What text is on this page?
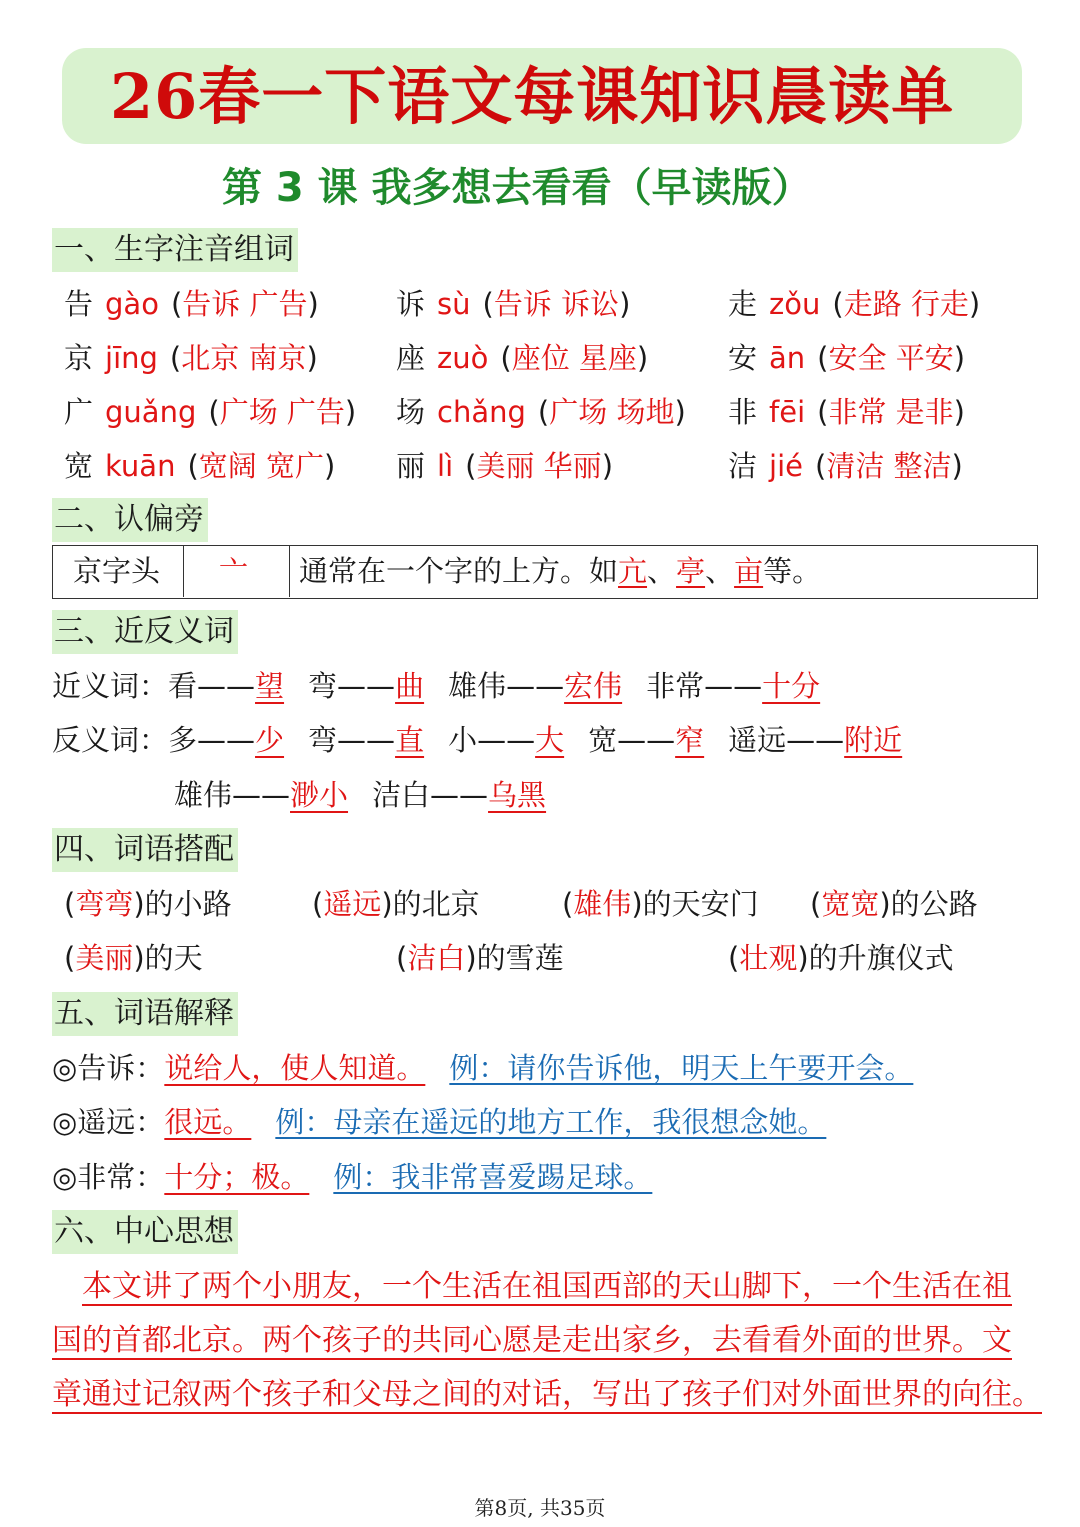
26春一下语文每课知识晨读单
第 3 课 我多想去看看（早读版）
一、生字注音组词
告 gào (告诉 广告)	诉 sù (告诉 诉讼)	走 zǒu (走路 行走)
京 jīng (北京 南京)	座 zuò (座位 星座)	安 ān (安全 平安)
广 guǎng (广场 广告) 场 chǎng (广场 场地) 非 fēi (非常 是非)
宽 kuān (宽阔 宽广) 丽 lì (美丽 华丽)	洁 jié (清洁 整洁)
二、认偏旁
京字头 亠 通常在一个字的上方。如亢、亭、亩等。
三、近反义词
近义词：看——望 弯——曲 雄伟——宏伟 非常——十分
反义词：多——少 弯——直 小——大 宽——窄 遥远——附近
雄伟——渺小 洁白——乌黑
四、词语搭配
(弯弯)的小路	(遥远)的北京	(雄伟)的天安门 (宽宽)的公路
(美丽)的天	(洁白)的雪莲	(壮观)的升旗仪式
五、词语解释
◎告诉：说给人，使人知道。 例：请你告诉他，明天上午要开会。
◎遥远：很远。 例：母亲在遥远的地方工作，我很想念她。
◎非常：十分；极。 例：我非常喜爱踢足球。
六、中心思想
本文讲了两个小朋友，一个生活在祖国西部的天山脚下，一个生活在祖
国的首都北京。两个孩子的共同心愿是走出家乡，去看看外面的世界。文
章通过记叙两个孩子和父母之间的对话，写出了孩子们对外面世界的向往。
第8页, 共35页
